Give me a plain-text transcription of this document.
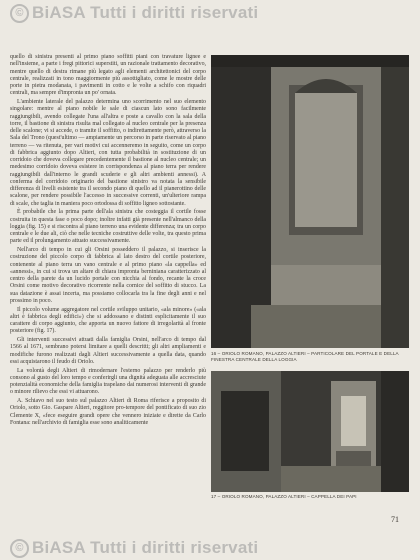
© BiASA Tutti i diritti riservati

quello di sinistra presenti al primo piano soffitti piani con travature lignee e nell'insieme, a parte i fregi pittorici superstiti, un razionale trattamento decorativo, mentre quello di destra rimane più legato agli elementi architettonici del corpo centrale, realizzati in tono maggiormente più assottigliato, come le mostre delle porte in pietra modanata, i pavimenti in cotto e le volte a schifo con riquadri centrali, ma sempre d'impronta un po' ornata.

L'ambiente laterale del palazzo determina uno scorrimento nel suo elemento singolare: mentre al piano nobile le sale di ciascun lato sono facilmente raggiungibili, avendo collegate l'una all'altra e poste a cavallo con la sala della torre, il bastione di sinistra risulta mal collegato al nucleo centrale per la presenza delle scalone; vi si accede, o tramite il soffitto, o indirettamente però, attraverso la Sala del Trono (quest'ultimo — ampiamente un percorso in parte riservato al piano terreno — va ritenuta, per vari motivi cui accenneremo in seguito, come un corpo di fabbrica aggiunto dopo Altieri, con tutta probabilità in sostituzione di un corridoio che doveva collegare precedentemente il bastione al nucleo centrale; un medesimo corridoio doveva esistere in corrispondenza al piano terra per rendere raggiungibili dall'interno le grandi scuderie e gli altri ambienti annessi). A conferma del corridoio originario del bastione sinistro va notata la sensibile differenza di livelli esistente tra il secondo piano di quello ad il pianerottino delle scalone, per rendere possibile l'accesso in successive correnti, un'ulteriore rampa di scale, che taglia in maniera poco ortodossa di soffitto ligneo sottostante.

È probabile che la prima parte dell'ala sinistra che costeggia il cortile fosse costruita in questa fase o poco dopo; inoltre infatti già presente nell'almanco della loggia (fig. 15) e si riscontra al piano terreno una evidente differenza; tra un corpo centrale e le due ali, ciò che nelle tecniche costruttive delle volte, tra questo prima parte ed il prolungamento attuato successivamente.

Nell'arco di tempo in cui gli Orsini posseddero il palazzo, si inserisce la costruzione del piccolo corpo di fabbrica al lato destro del cortile posteriore, contenente al piano terra un vano centrale e al primo piano «la cappella» ed «annessi», in cui si trova un altare di chiara impronta berniniana caratterizzato al centro della parete da un lucido portale con nicchia al fondo, recante la croce Orsini come motivo decorativo ricorrente nella cornice del soffitto di stucco. La sua datazione è assai incerta, ma possiamo collocarla tra la fine degli anni e nel prossimo in poco.

Il piccolo volume aggregatore nel cortile sviluppo unitario, «ala minore» («ala altri è fabbrica degli edifici») che si addossano e distinti esplicitamente il suo carattere di corpo aggiunto, che apporta un nuovo fattore di irregolarità al fronte posteriore (fig. 17).

Gli interventi successivi attuati dalla famiglia Orsini, nell'arco di tempo dal 1566 al 1671, sembrano potersi limitare a quelli descritti; gli altri ampliamenti e modifiche furono realizzati dagli Altieri successivamente a quella data, quando essi acquistarono il feudo di Oriolo.

La volontà degli Altieri di rimodernare l'esterno palazzo per renderlo più consono al gusto del loro tempo e conferirgli una dignità adeguata alle accresciute potenzialità economiche della famiglia trapelano dai numerosi interventi di grande o minore rilievo che essi vi attuarono.

A. Schiavo nel suo testo sul palazzo Altieri di Roma riferisce a proposito di Oriolo, sotto Gio. Gaspare Altieri, reggitore pro-tempore del pontificato di suo zio Clemente X, «fece eseguire grandi opere che vennero iniziate e dirette da Carlo Fontana: nell'archivio di famiglia esse sono analiticamente

16 – ORIOLO ROMANO, PALAZZO ALTIERI – PARTICOLARE DEL PORTALE E DELLA FINESTRA CENTRALE DELLA LOGGIA
17 – ORIOLO ROMANO, PALAZZO ALTIERI – CAPPELLA DEI PAPI
71
© BiASA Tutti i diritti riservati
